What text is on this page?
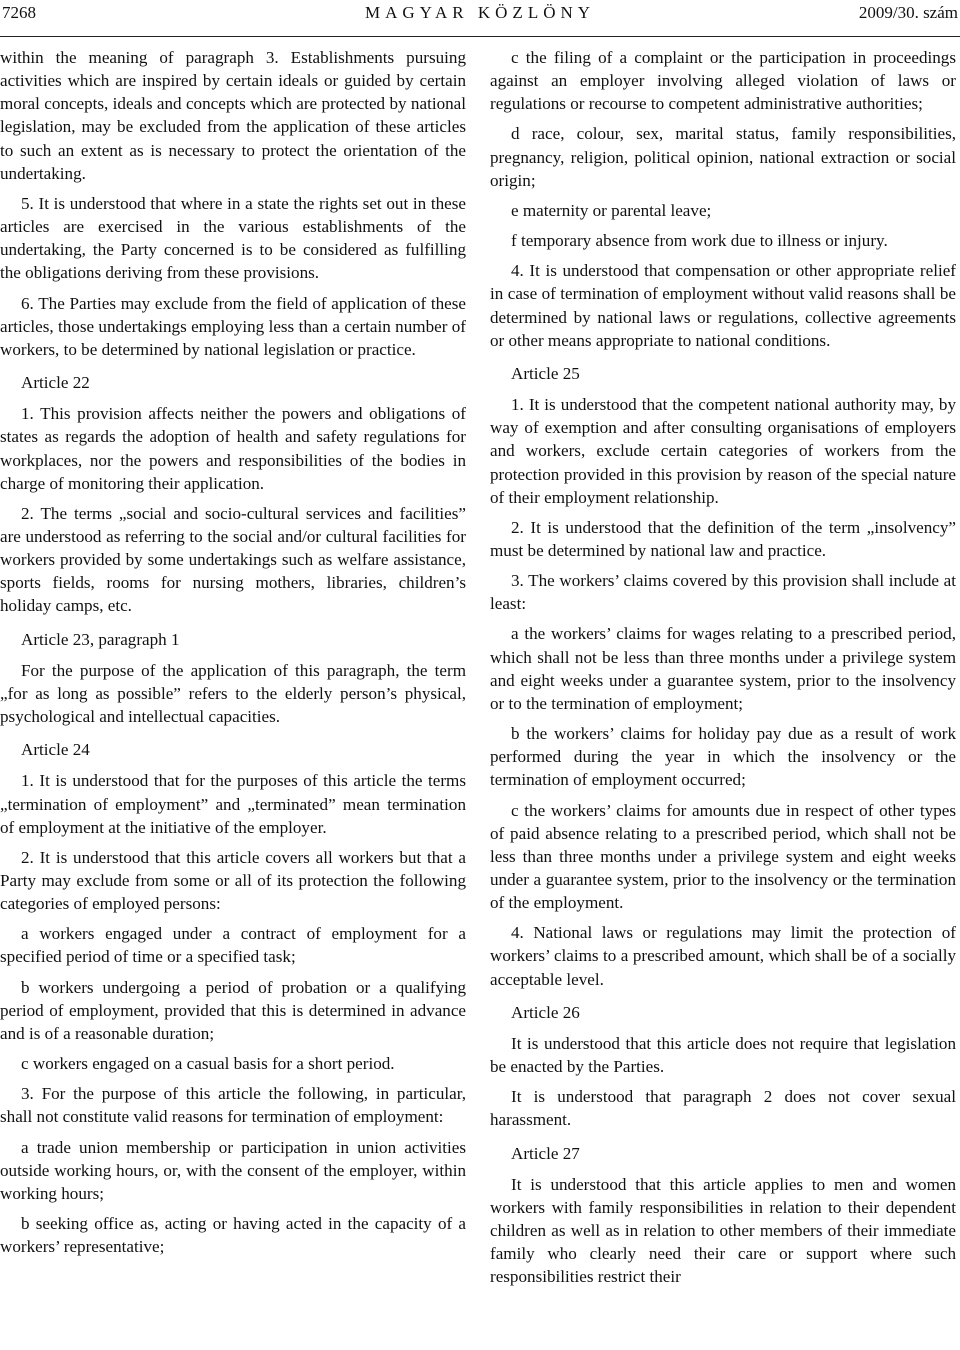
MAGYAR KÖZLÖNY
7268	2009/30. szám

within the meaning of paragraph 3. Establishments pursuing activities which are inspired by certain ideals or guided by certain moral concepts, ideals and concepts which are protected by national legislation, may be excluded from the application of these articles to such an extent as is necessary to protect the orientation of the undertaking.

5. It is understood that where in a state the rights set out in these articles are exercised in the various establishments of the undertaking, the Party concerned is to be considered as fulfilling the obligations deriving from these provisions.

6. The Parties may exclude from the field of application of these articles, those undertakings employing less than a certain number of workers, to be determined by national legislation or practice.

Article 22

1. This provision affects neither the powers and obligations of states as regards the adoption of health and safety regulations for workplaces, nor the powers and responsibilities of the bodies in charge of monitoring their application.

2. The terms „social and socio-cultural services and facilities” are understood as referring to the social and/or cultural facilities for workers provided by some undertakings such as welfare assistance, sports fields, rooms for nursing mothers, libraries, children’s holiday camps, etc.

Article 23, paragraph 1

For the purpose of the application of this paragraph, the term „for as long as possible” refers to the elderly person’s physical, psychological and intellectual capacities.

Article 24

1. It is understood that for the purposes of this article the terms „termination of employment” and „terminated” mean termination of employment at the initiative of the employer.

2. It is understood that this article covers all workers but that a Party may exclude from some or all of its protection the following categories of employed persons:

a workers engaged under a contract of employment for a specified period of time or a specified task;

b workers undergoing a period of probation or a qualifying period of employment, provided that this is determined in advance and is of a reasonable duration;

c workers engaged on a casual basis for a short period.

3. For the purpose of this article the following, in particular, shall not constitute valid reasons for termination of employment:

a trade union membership or participation in union activities outside working hours, or, with the consent of the employer, within working hours;

b seeking office as, acting or having acted in the capacity of a workers’ representative;

c the filing of a complaint or the participation in proceedings against an employer involving alleged violation of laws or regulations or recourse to competent administrative authorities;

d race, colour, sex, marital status, family responsibilities, pregnancy, religion, political opinion, national extraction or social origin;

e maternity or parental leave;

f temporary absence from work due to illness or injury.

4. It is understood that compensation or other appropriate relief in case of termination of employment without valid reasons shall be determined by national laws or regulations, collective agreements or other means appropriate to national conditions.

Article 25

1. It is understood that the competent national authority may, by way of exemption and after consulting organisations of employers and workers, exclude certain categories of workers from the protection provided in this provision by reason of the special nature of their employment relationship.

2. It is understood that the definition of the term „insolvency” must be determined by national law and practice.

3. The workers’ claims covered by this provision shall include at least:

a the workers’ claims for wages relating to a prescribed period, which shall not be less than three months under a privilege system and eight weeks under a guarantee system, prior to the insolvency or to the termination of employment;

b the workers’ claims for holiday pay due as a result of work performed during the year in which the insolvency or the termination of employment occurred;

c the workers’ claims for amounts due in respect of other types of paid absence relating to a prescribed period, which shall not be less than three months under a privilege system and eight weeks under a guarantee system, prior to the insolvency or the termination of the employment.

4. National laws or regulations may limit the protection of workers’ claims to a prescribed amount, which shall be of a socially acceptable level.

Article 26

It is understood that this article does not require that legislation be enacted by the Parties.

It is understood that paragraph 2 does not cover sexual harassment.

Article 27

It is understood that this article applies to men and women workers with family responsibilities in relation to their dependent children as well as in relation to other members of their immediate family who clearly need their care or support where such responsibilities restrict their
